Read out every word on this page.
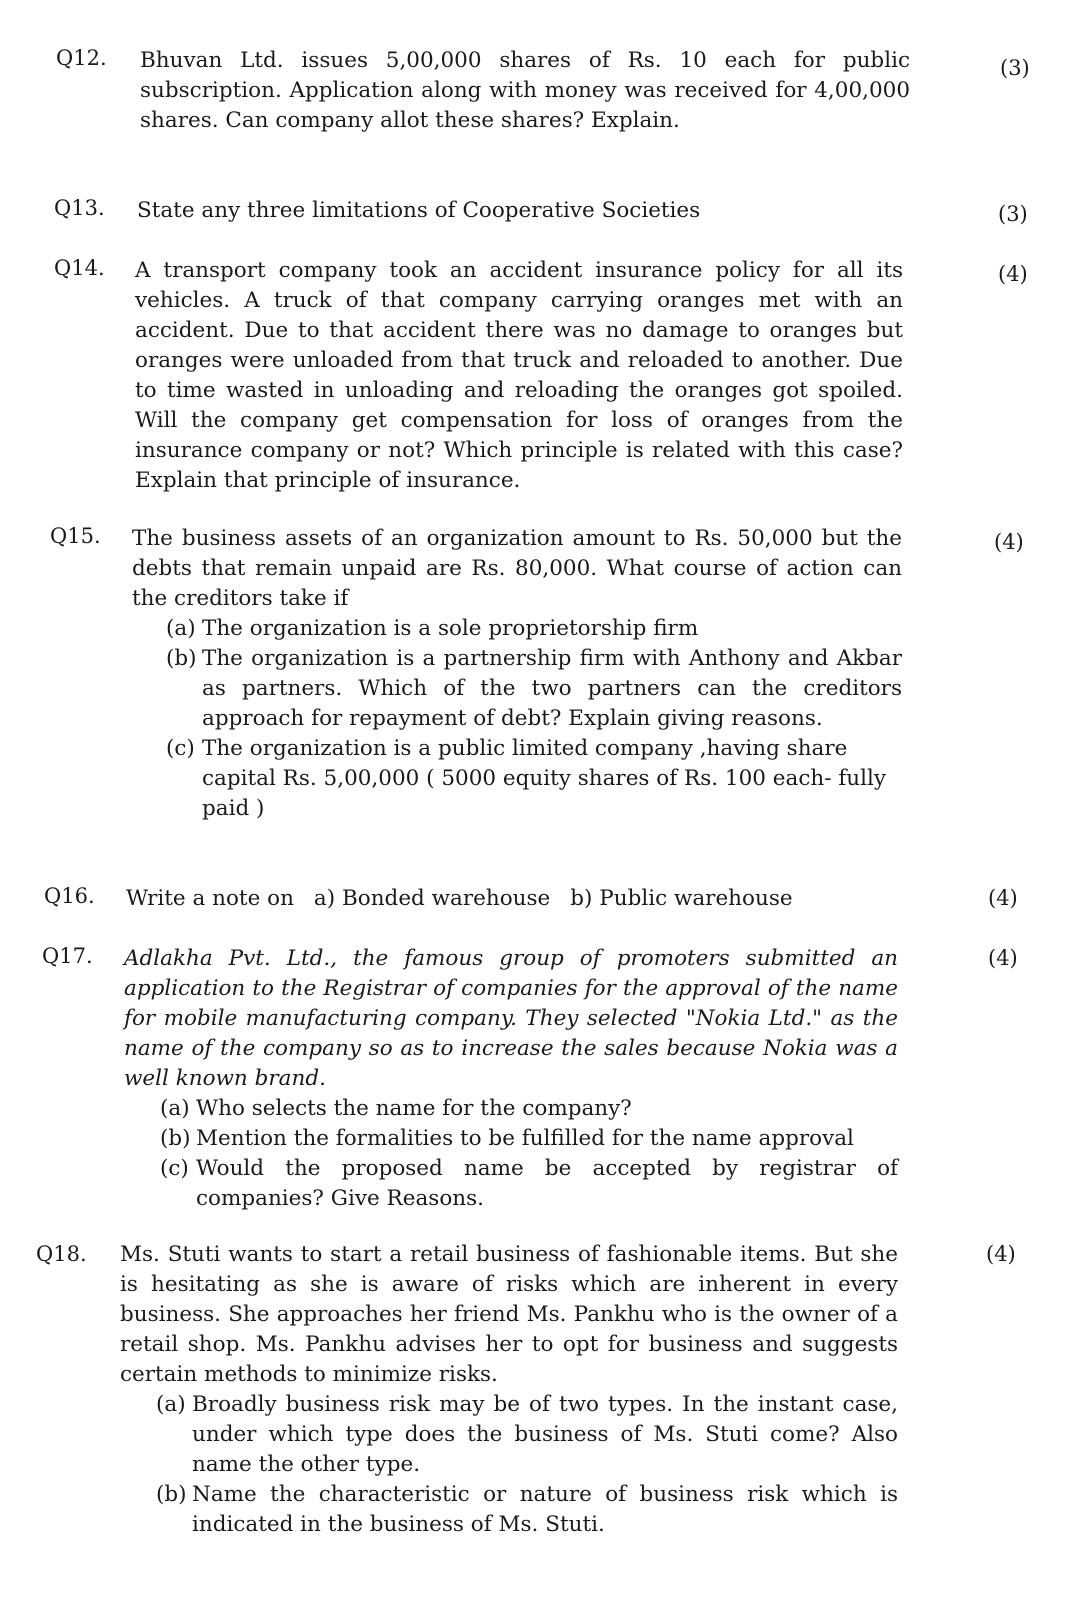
Q12. Bhuvan Ltd. issues 5,00,000 shares of Rs. 10 each for public subscription. Application along with money was received for 4,00,000 shares. Can company allot these shares? Explain.

(3)
Q13. State any three limitations of Cooperative Societies	(3)
Q14. A transport company took an accident insurance policy for all its vehicles. A truck of that company carrying oranges met with an accident. Due to that accident there was no damage to oranges but oranges were unloaded from that truck and reloaded to another. Due to time wasted in unloading and reloading the oranges got spoiled. Will the company get compensation for loss of oranges from the insurance company or not? Which principle is related with this case? Explain that principle of insurance.

(4)
Q15. The business assets of an organization amount to Rs. 50,000 but the debts that remain unpaid are Rs. 80,000. What course of action can the creditors take if

(a) The organization is a sole proprietorship firm
(b) The organization is a partnership firm with Anthony and Akbar as partners. Which of the two partners can the creditors approach for repayment of debt? Explain giving reasons.
(c) The organization is a public limited company ,having share capital Rs. 5,00,000 ( 5000 equity shares of Rs. 100 each- fully paid )
(4)
Q16. Write a note on a) Bonded warehouse b) Public warehouse	(4)
Q17. Adlakha Pvt. Ltd., the famous group of promoters submitted an application to the Registrar of companies for the approval of the name for mobile manufacturing company. They selected "Nokia Ltd." as the name of the company so as to increase the sales because Nokia was a well known brand.

(a) Who selects the name for the company?
(b) Mention the formalities to be fulfilled for the name approval
(c) Would the proposed name be accepted by registrar of companies? Give Reasons.
(4)
Q18. Ms. Stuti wants to start a retail business of fashionable items. But she is hesitating as she is aware of risks which are inherent in every business. She approaches her friend Ms. Pankhu who is the owner of a retail shop. Ms. Pankhu advises her to opt for business and suggests certain methods to minimize risks.

(a) Broadly business risk may be of two types. In the instant case, under which type does the business of Ms. Stuti come? Also name the other type.
(b) Name the characteristic or nature of business risk which is indicated in the business of Ms. Stuti.
(4)
